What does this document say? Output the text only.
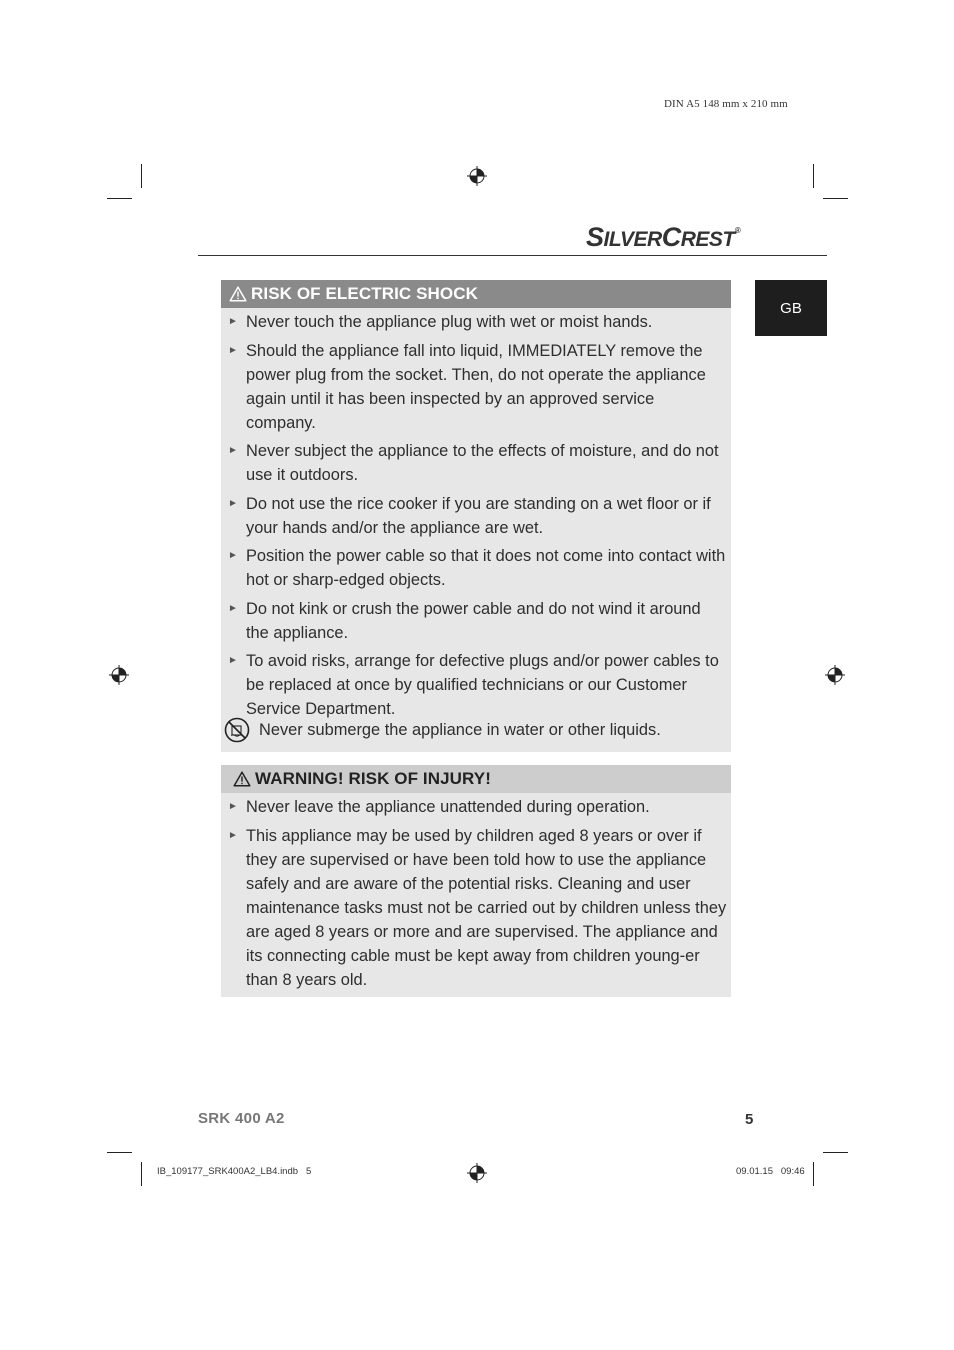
DIN A5 148 mm x 210 mm
SILVERCREST®
GB
RISK OF ELECTRIC SHOCK
► Never touch the appliance plug with wet or moist hands.
► Should the appliance fall into liquid, IMMEDIATELY remove the power plug from the socket. Then, do not operate the appliance again until it has been inspected by an approved service company.
► Never subject the appliance to the effects of moisture, and do not use it outdoors.
► Do not use the rice cooker if you are standing on a wet floor or if your hands and/or the appliance are wet.
► Position the power cable so that it does not come into contact with hot or sharp-edged objects.
► Do not kink or crush the power cable and do not wind it around the appliance.
► To avoid risks, arrange for defective plugs and/or power cables to be replaced at once by qualified technicians or our Customer Service Department.
Never submerge the appliance in water or other liquids.
WARNING! RISK OF INJURY!
► Never leave the appliance unattended during operation.
► This appliance may be used by children aged 8 years or over if they are supervised or have been told how to use the appliance safely and are aware of the potential risks. Cleaning and user maintenance tasks must not be carried out by children unless they are aged 8 years or more and are supervised. The appliance and its connecting cable must be kept away from children young-er than 8 years old.
SRK 400 A2	5
IB_109177_SRK400A2_LB4.indb   5	09.01.15   09:46
